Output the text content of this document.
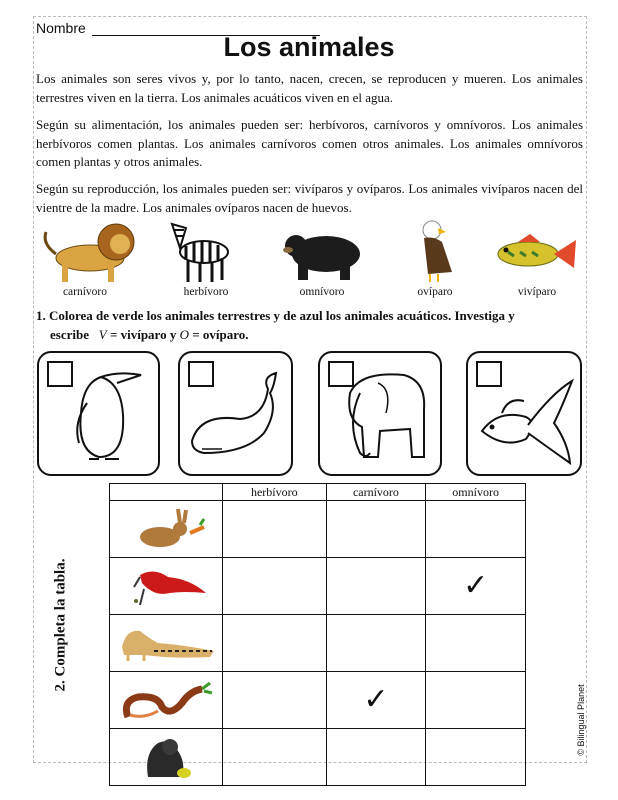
Nombre
Los animales

Los animales son seres vivos y, por lo tanto, nacen, crecen, se reproducen y mueren. Los animales terrestres viven en la tierra. Los animales acuáticos viven en el agua.

Según su alimentación, los animales pueden ser: herbívoros, carnívoros y omnívoros. Los animales herbívoros comen plantas. Los animales carnívoros comen otros animales. Los animales omnívoros comen plantas y otros animales.

Según su reproducción, los animales pueden ser: vivíparos y ovíparos. Los animales vivíparos nacen del vientre de la madre. Los animales ovíparos nacen de huevos.

carnívoro	herbívoro	omnívoro	ovíparo	vivíparo
1. Colorea de verde los animales terrestres y de azul los animales acuáticos. Investiga y
escribe V = vivíparo y O = ovíparo.
2. Completa la tabla.
	herbívoro	carnívoro	omnívoro

			✓

		✓	

				© Bilingual Planet
